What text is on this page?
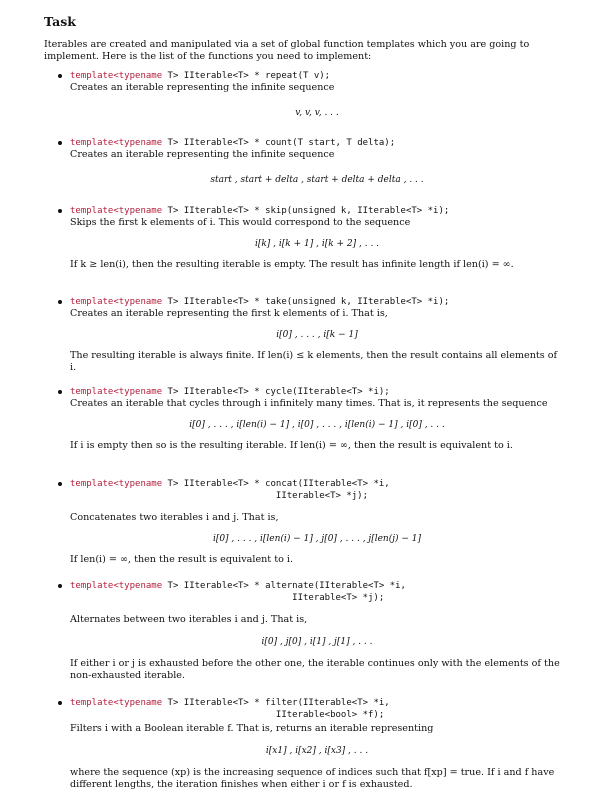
Task
Iterables are created and manipulated via a set of global function templates which you are going to implement. Here is the list of the functions you need to implement:
template<typename T> IIterable<T> * repeat(T v);
Creates an iterable representing the infinite sequence
v, v, v, . . .
template<typename T> IIterable<T> * count(T start, T delta);
Creates an iterable representing the infinite sequence
start , start + delta , start + delta + delta , . . .
template<typename T> IIterable<T> * skip(unsigned k, IIterable<T> *i);
Skips the first k elements of i. This would correspond to the sequence
i[k] , i[k + 1] , i[k + 2] , . . .
If k ≥ len(i), then the resulting iterable is empty. The result has infinite length if len(i) = ∞.
template<typename T> IIterable<T> * take(unsigned k, IIterable<T> *i);
Creates an iterable representing the first k elements of i. That is,
i[0] , . . . , i[k − 1]
The resulting iterable is always finite. If len(i) ≤ k elements, then the result contains all elements of i.
template<typename T> IIterable<T> * cycle(IIterable<T> *i);
Creates an iterable that cycles through i infinitely many times. That is, it represents the sequence
i[0] , . . . , i[len(i) − 1] , i[0] , . . . , i[len(i) − 1] , i[0] , . . .
If i is empty then so is the resulting iterable. If len(i) = ∞, then the result is equivalent to i.
template<typename T> IIterable<T> * concat(IIterable<T> *i,
IIterable<T> *j);
Concatenates two iterables i and j. That is,
i[0] , . . . , i[len(i) − 1] , j[0] , . . . , j[len(j) − 1]
If len(i) = ∞, then the result is equivalent to i.
template<typename T> IIterable<T> * alternate(IIterable<T> *i,
IIterable<T> *j);
Alternates between two iterables i and j. That is,
i[0] , j[0] , i[1] , j[1] , . . .
If either i or j is exhausted before the other one, the iterable continues only with the elements of the non-exhausted iterable.
template<typename T> IIterable<T> * filter(IIterable<T> *i,
IIterable<bool> *f);
Filters i with a Boolean iterable f. That is, returns an iterable representing
i[x1] , i[x2] , i[x3] , . . .
where the sequence (xp) is the increasing sequence of indices such that f[xp] = true. If i and f have different lengths, the iteration finishes when either i or f is exhausted.
